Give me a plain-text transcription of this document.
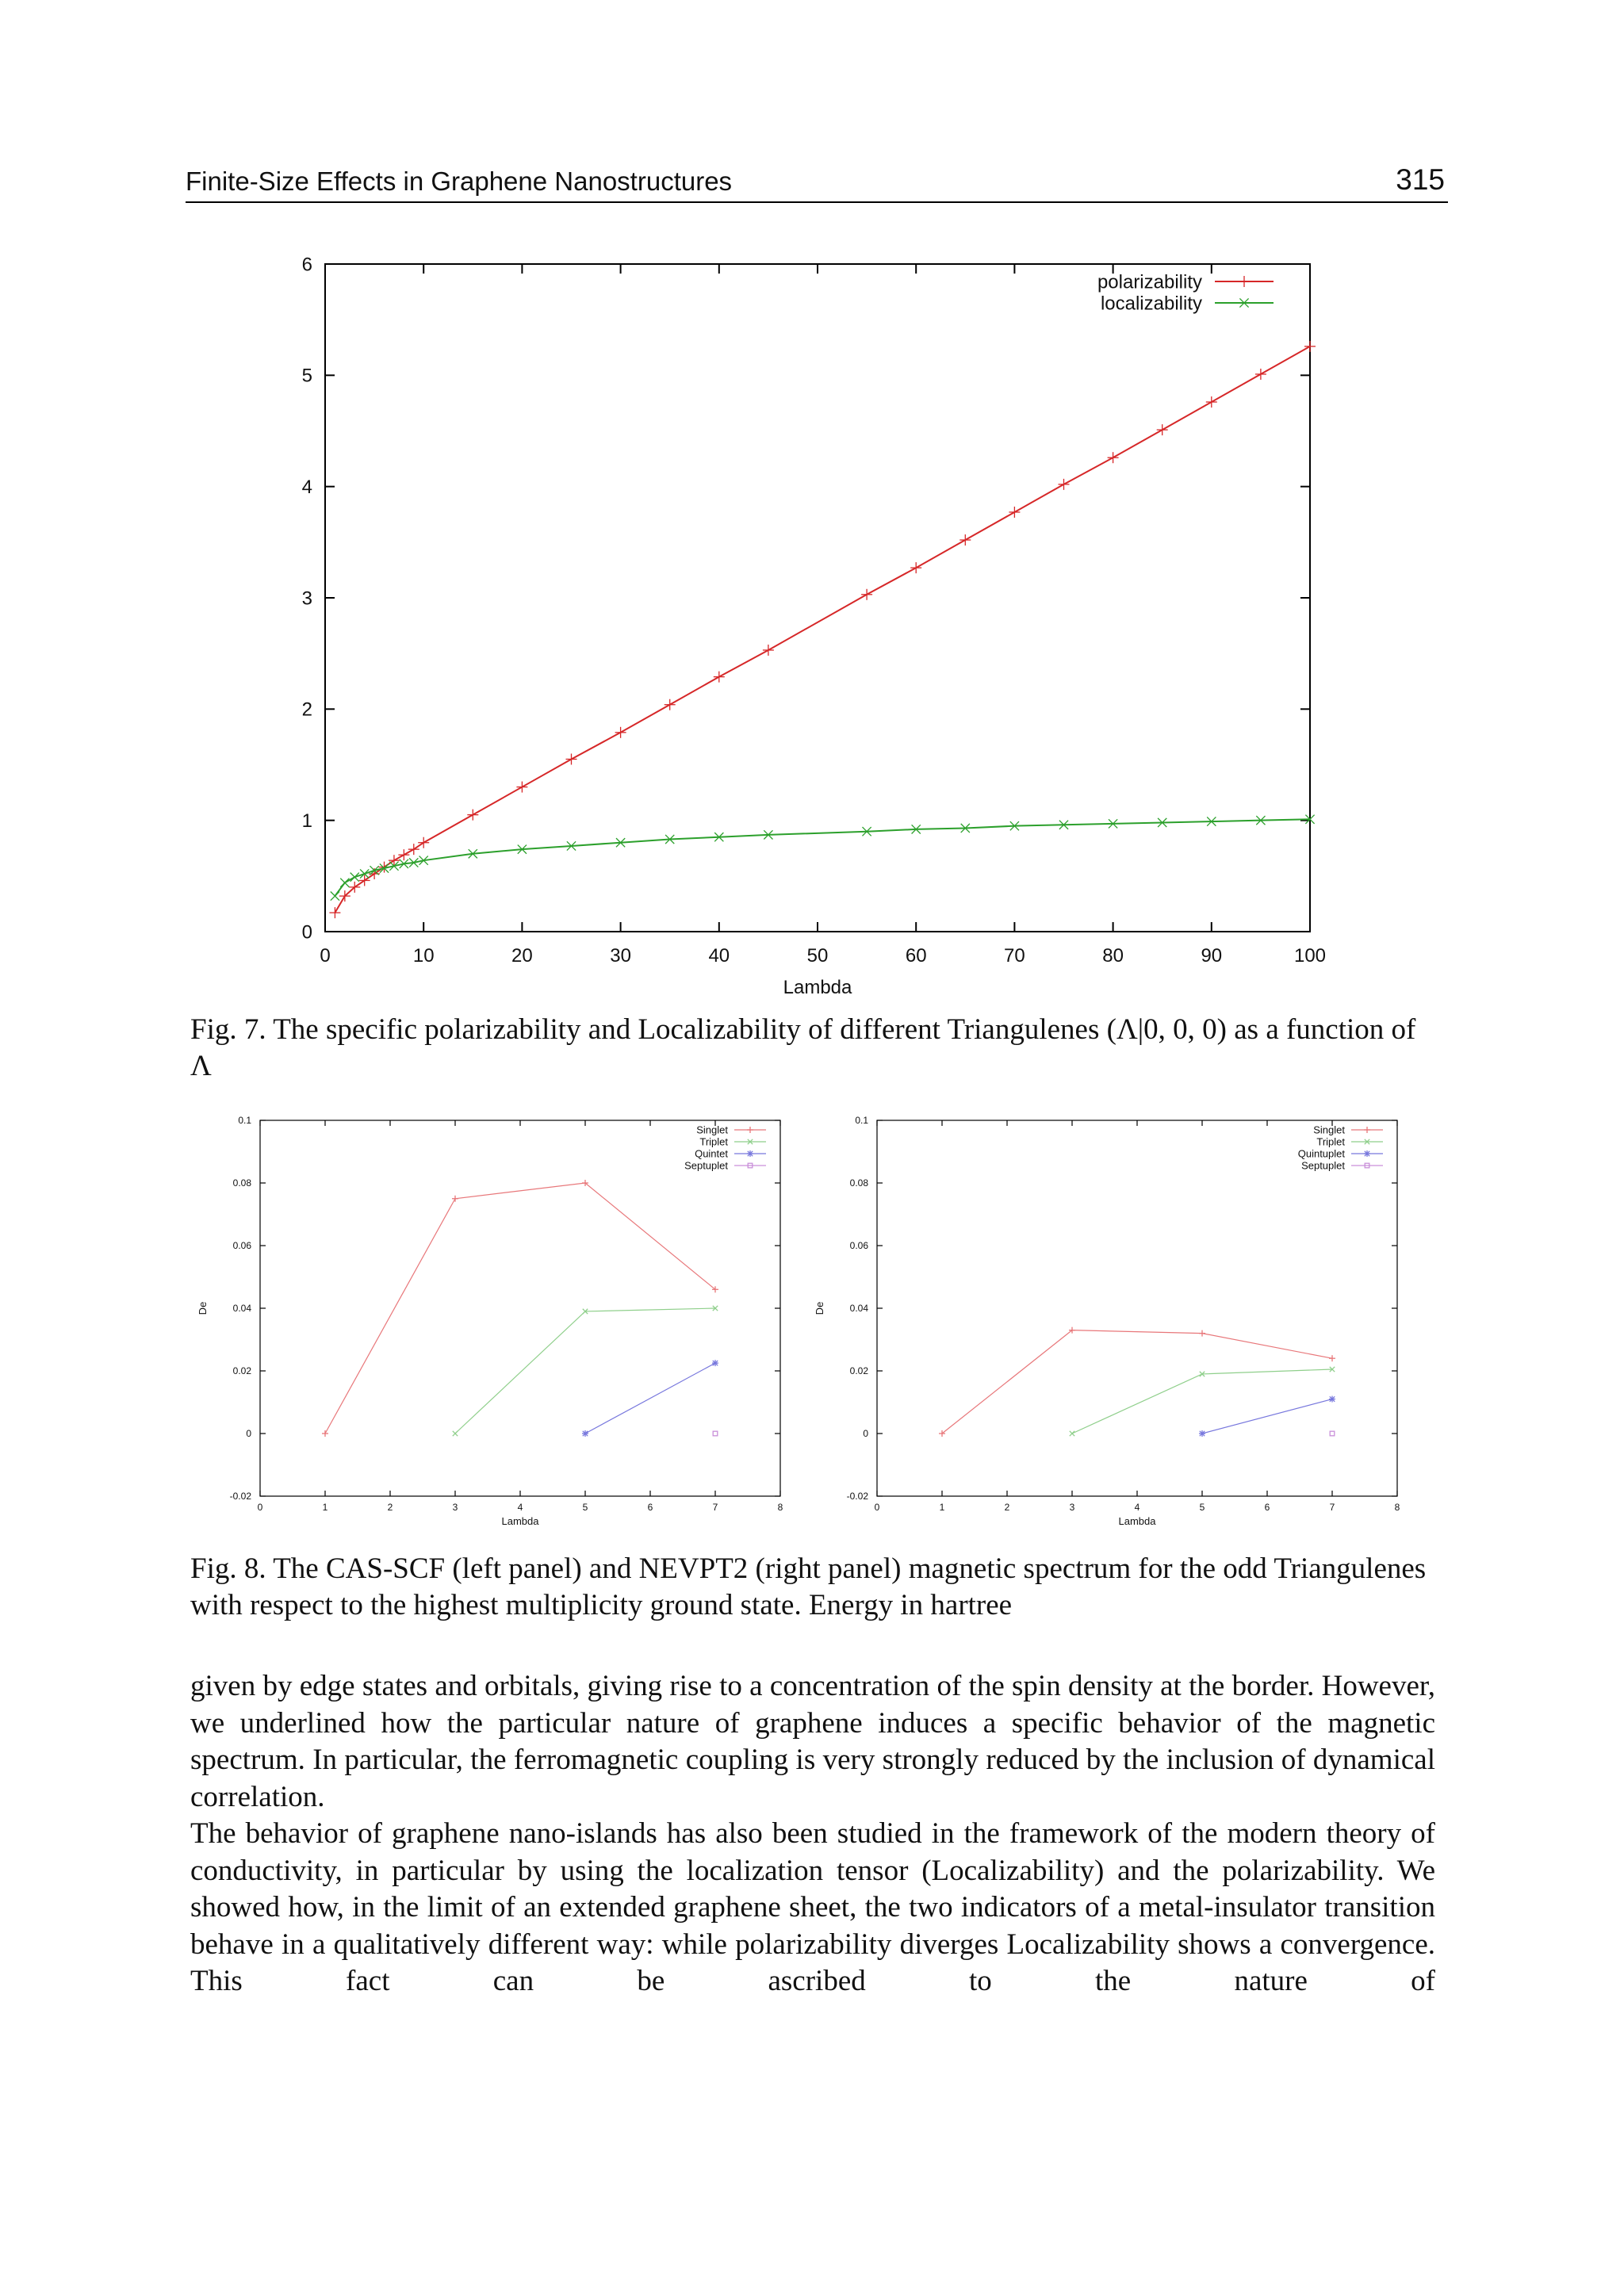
Finite-Size Effects in Graphene Nanostructures	315
0	10	20	30	40	50	60	70	80	90	100
0
1
2
3
4
5
6
Lambda
polarizability
localizability

Fig. 7. The specific polarizability and Localizability of different Triangulenes (Λ|0, 0, 0) as a function of Λ

0	1	2	3	4	5	6	7	8
-0.02
0
0.02
0.04
0.06
0.08
0.1
Lambda
De
Singlet
Triplet
Quintet
Septuplet
0	1	2	3	4	5	6	7	8
-0.02
0
0.02
0.04
0.06
0.08
0.1
Lambda
De
Singlet
Triplet
Quintuplet
Septuplet

Fig. 8. The CAS-SCF (left panel) and NEVPT2 (right panel) magnetic spectrum for the odd Triangulenes with respect to the highest multiplicity ground state. Energy in hartree

given by edge states and orbitals, giving rise to a concentration of the spin density at the border. However, we underlined how the particular nature of graphene induces a specific behavior of the magnetic spectrum. In particular, the ferromagnetic coupling is very strongly reduced by the inclusion of dynamical correlation.

The behavior of graphene nano-islands has also been studied in the framework of the modern theory of conductivity, in particular by using the localization tensor (Localizability) and the polarizability. We showed how, in the limit of an extended graphene sheet, the two indicators of a metal-insulator transition behave in a qualitatively different way: while polarizability diverges Localizability shows a convergence. This fact can be ascribed to the nature of
